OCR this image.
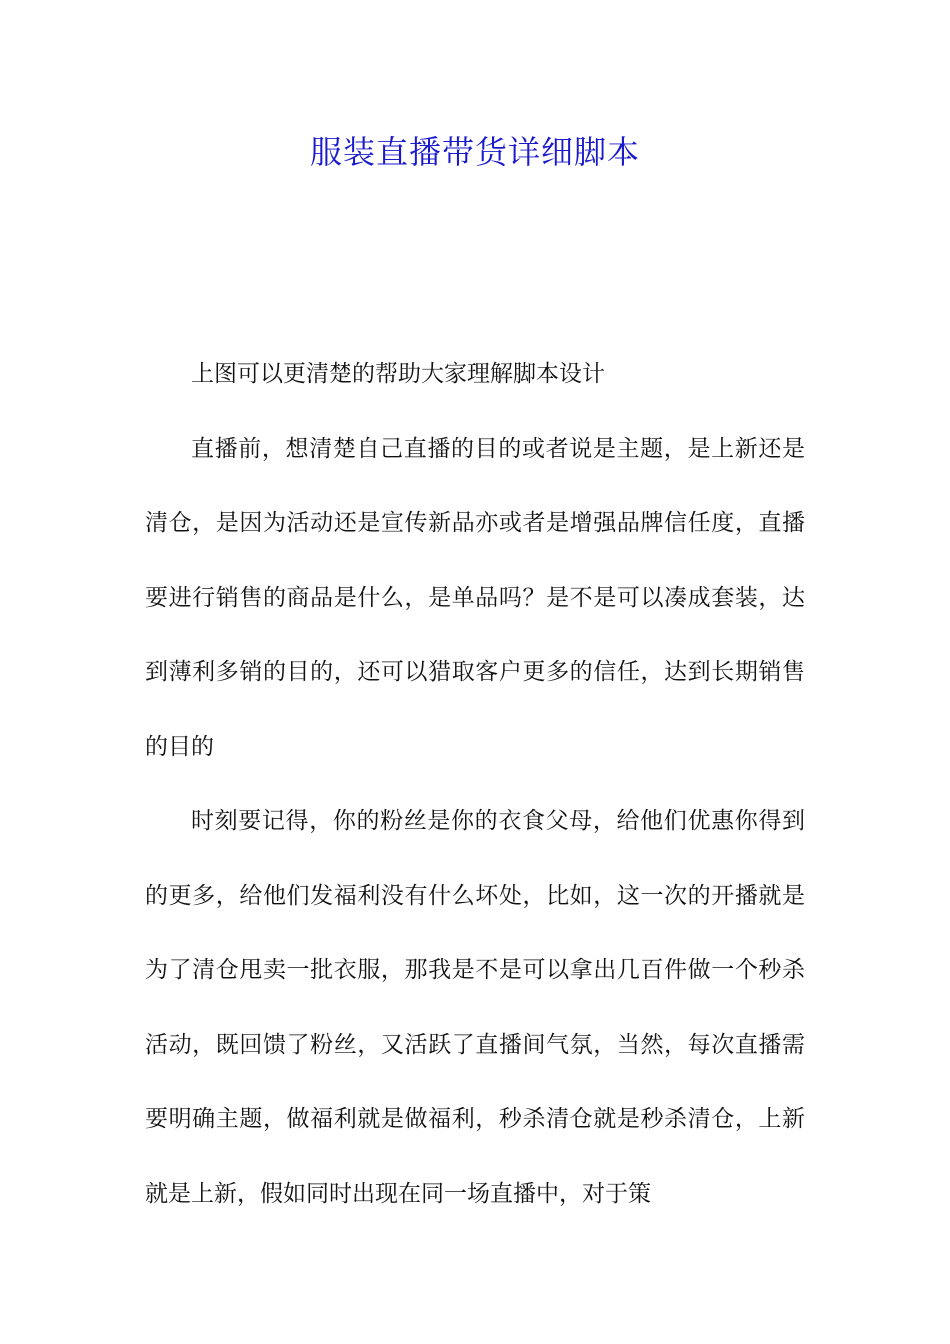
服装直播带货详细脚本

上图可以更清楚的帮助大家理解脚本设计

直播前，想清楚自己直播的目的或者说是主题，是上新还是清仓，是因为活动还是宣传新品亦或者是增强品牌信任度，直播要进行销售的商品是什么，是单品吗？是不是可以凑成套装，达到薄利多销的目的，还可以猎取客户更多的信任，达到长期销售的目的

时刻要记得，你的粉丝是你的衣食父母，给他们优惠你得到的更多，给他们发福利没有什么坏处，比如，这一次的开播就是为了清仓甩卖一批衣服，那我是不是可以拿出几百件做一个秒杀活动，既回馈了粉丝，又活跃了直播间气氛，当然，每次直播需要明确主题，做福利就是做福利，秒杀清仓就是秒杀清仓，上新就是上新，假如同时出现在同一场直播中，对于策
